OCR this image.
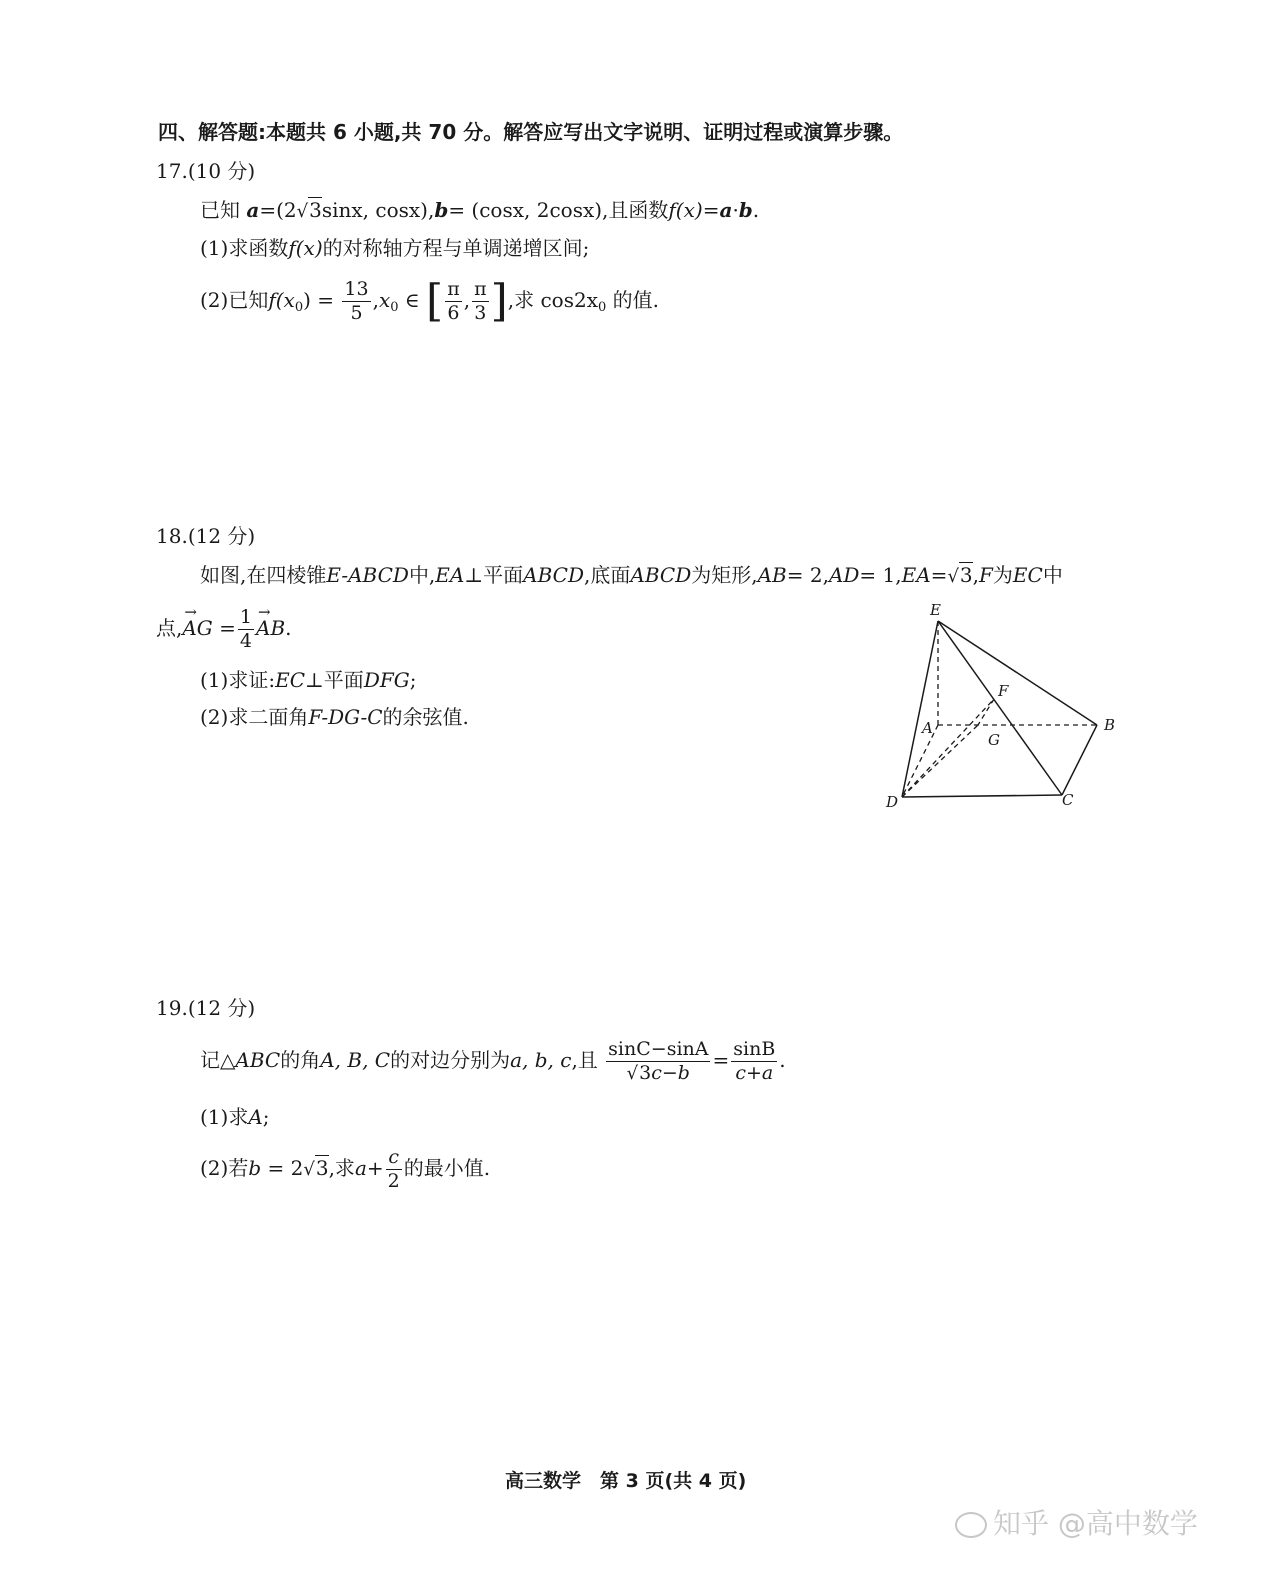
四、解答题:本题共 6 小题,共 70 分。解答应写出文字说明、证明过程或演算步骤。
17.(10 分)
已知 a=(2√3sinx, cosx),b= (cosx, 2cosx),且函数f(x)=a·b.
(1)求函数f(x)的对称轴方程与单调递增区间;
(2)已知$f(x_0) = \frac{13}{5} ,x_0$ ∈ [ $\frac{\pi}{6}$ , $\frac{\pi}{3}$ ],求 $\cos 2x_0$ 的值.
18.(12 分)
如图,在四棱锥E-ABCD中,EA⊥平面ABCD,底面ABCD为矩形,AB= 2,AD= 1,EA=√3,F为EC中
点,→ AG = $\frac{1}{4}$
→ AB.
(1)求证:EC⊥平面DFG;
(2)求二面角F-DG-C的余弦值.
E
F
A
G
B
D	C
19.(12 分)
记△ABC的角A, B, C的对边分别为a, b, c,且 $\frac{\sin C-\sin A}{√3c-b} = \frac{\sin B}{c+a}$ .
(1)求A;
(2)若b = 2√3,求$a+ \frac{c}{2}$ 的最小值.
高三数学　第 3 页(共 4 页)
知乎 @高中数学
